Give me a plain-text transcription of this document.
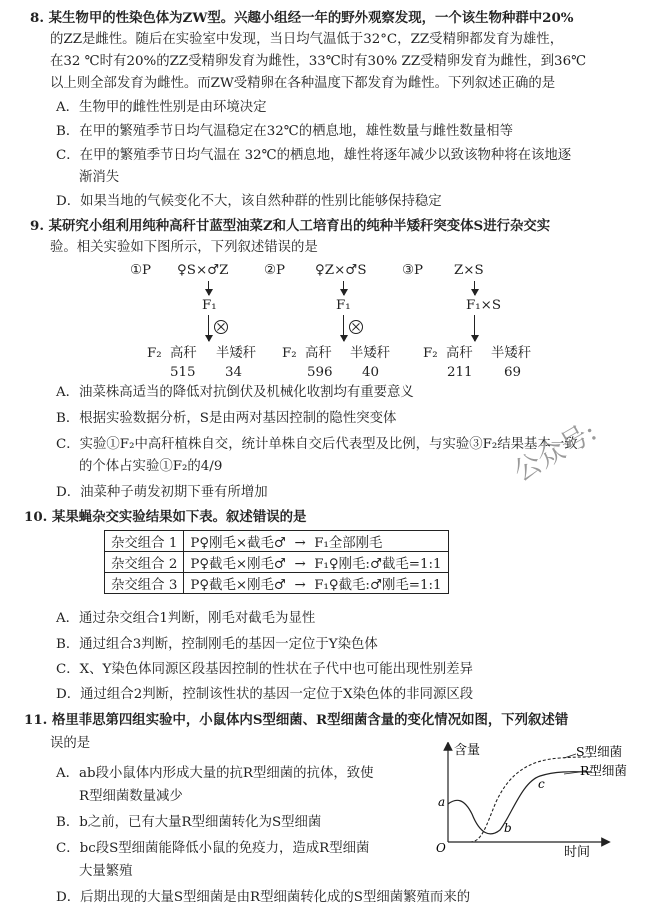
8. 某生物甲的性染色体为ZW型。兴趣小组经一年的野外观察发现，一个该生物种群中20%
的ZZ是雌性。随后在实验室中发现，当日均气温低于32°C，ZZ受精卵都发育为雄性，
在32 ℃时有20%的ZZ受精卵发育为雌性，33℃时有30% ZZ受精卵发育为雌性，到36℃
以上则全部发育为雌性。而ZW受精卵在各种温度下都发育为雌性。下列叙述正确的是
A．生物甲的雌性性别是由环境决定
B．在甲的繁殖季节日均气温稳定在32℃的栖息地，雄性数量与雌性数量相等
C．在甲的繁殖季节日均气温在 32℃的栖息地，雄性将逐年减少以致该物种将在该地逐
渐消失
D．如果当地的气候变化不大，该自然种群的性别比能够保持稳定
9. 某研究小组利用纯种高秆甘蓝型油菜Z和人工培育出的纯种半矮秆突变体S进行杂交实
验。相关实验如下图所示，下列叙述错误的是
①P ♀S×♂Z
F₁
F₂ 高秆 半矮秆
515 34
②P ♀Z×♂S
F₁
F₂ 高秆 半矮秆
596 40
③P Z×S
F₁×S
F₂ 高秆 半矮秆
211 69
A．油菜株高适当的降低对抗倒伏及机械化收割均有重要意义
B．根据实验数据分析，S是由两对基因控制的隐性突变体
C．实验①F₂中高秆植株自交，统计单株自交后代表型及比例，与实验③F₂结果基本一致
的个体占实验①F₂的4/9
D．油菜种子萌发初期下垂有所增加
公众号:
10. 某果蝇杂交实验结果如下表。叙述错误的是
杂交组合 1	P♀刚毛×截毛♂ → F₁全部刚毛
杂交组合 2	P♀截毛×刚毛♂ → F₁♀刚毛:♂截毛=1:1
杂交组合 3	P♀截毛×刚毛♂ → F₁♀截毛:♂刚毛=1:1
A．通过杂交组合1判断，刚毛对截毛为显性
B．通过组合3判断，控制刚毛的基因一定位于Y染色体
C．X、Y染色体同源区段基因控制的性状在子代中也可能出现性别差异
D．通过组合2判断，控制该性状的基因一定位于X染色体的非同源区段
11. 格里菲思第四组实验中，小鼠体内S型细菌、R型细菌含量的变化情况如图，下列叙述错
误的是
A．ab段小鼠体内形成大量的抗R型细菌的抗体，致使
R型细菌数量减少
B．b之前，已有大量R型细菌转化为S型细菌
C．bc段S型细菌能降低小鼠的免疫力，造成R型细菌
大量繁殖
D．后期出现的大量S型细菌是由R型细菌转化成的S型细菌繁殖而来的
含量	S型细菌
R型细菌
a
b
c
O	时间
